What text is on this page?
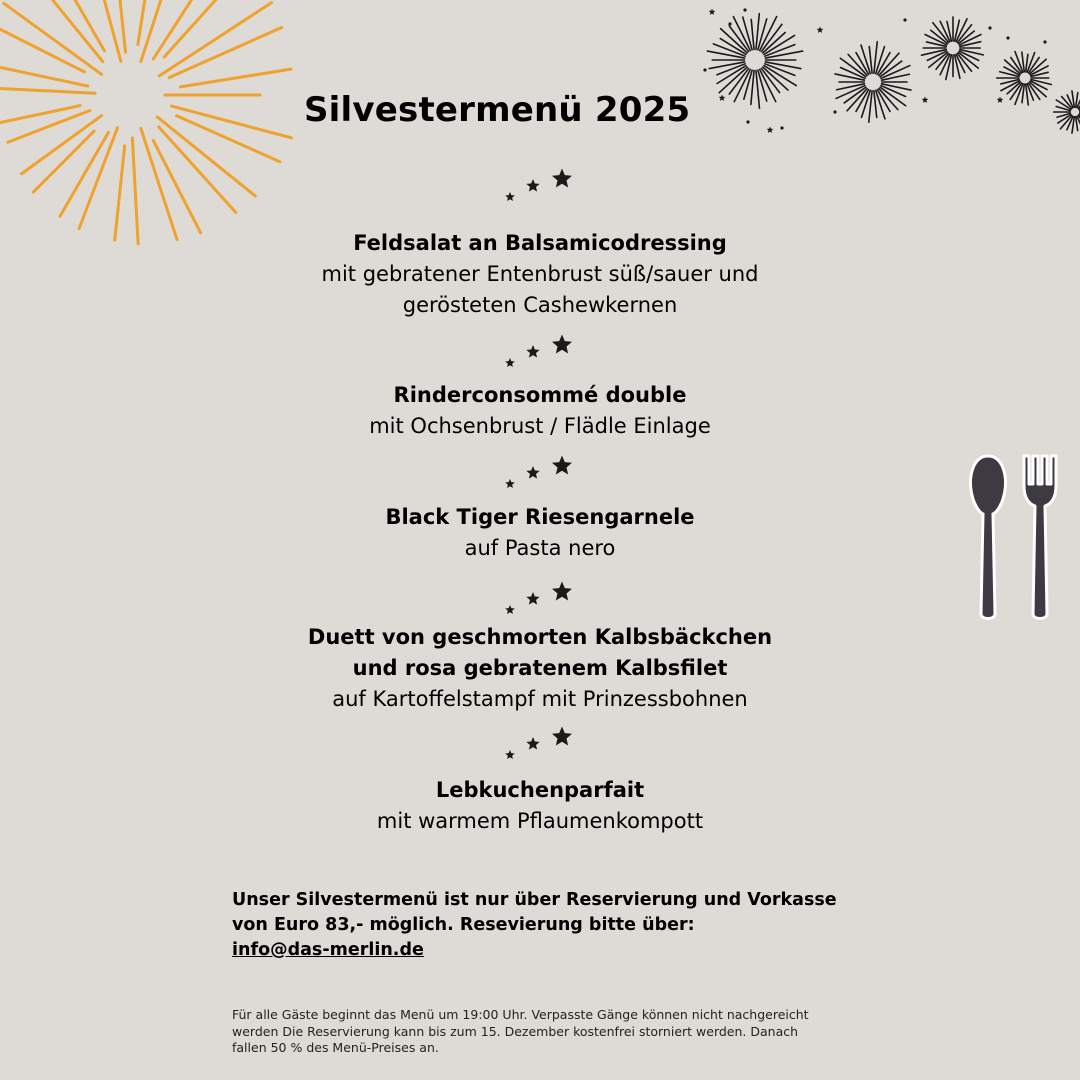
Silvestermenü 2025

Feldsalat an Balsamicodressing

mit gebratener Entenbrust süß/sauer und
gerösteten Cashewkernen

Rinderconsommé double

mit Ochsenbrust / Flädle Einlage

Black Tiger Riesengarnele

auf Pasta nero

Duett von geschmorten Kalbsbäckchen
und rosa gebratenem Kalbsfilet

auf Kartoffelstampf mit Prinzessbohnen

Lebkuchenparfait

mit warmem Pflaumenkompott

Unser Silvestermenü ist nur über Reservierung und Vorkasse von Euro 83,- möglich. Resevierung bitte über:
info@das-merlin.de

Für alle Gäste beginnt das Menü um 19:00 Uhr. Verpasste Gänge können nicht nachgereicht werden Die Reservierung kann bis zum 15. Dezember kostenfrei storniert werden. Danach fallen 50 % des Menü-Preises an.
